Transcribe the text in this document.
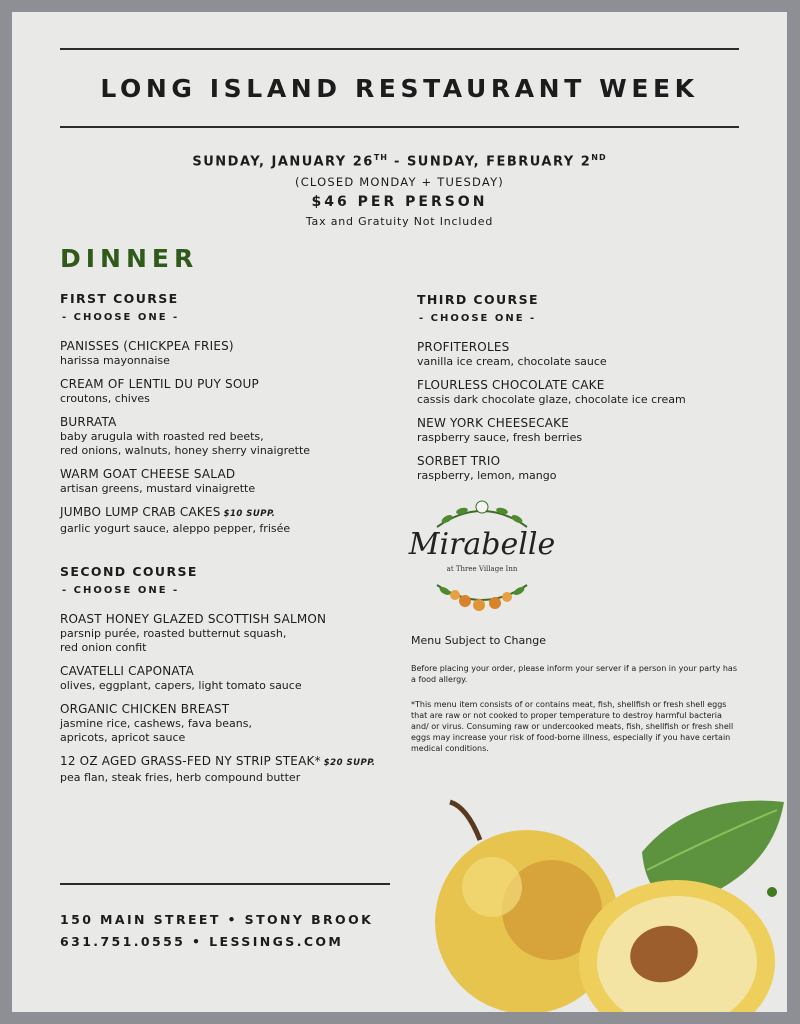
LONG ISLAND RESTAURANT WEEK
SUNDAY, JANUARY 26TH - SUNDAY, FEBRUARY 2ND
(CLOSED MONDAY + TUESDAY)
$46 PER PERSON
Tax and Gratuity Not Included
DINNER
FIRST COURSE
- CHOOSE ONE -
PANISSES (CHICKPEA FRIES)
harissa mayonnaise
CREAM OF LENTIL DU PUY SOUP
croutons, chives
BURRATA
baby arugula with roasted red beets,
red onions, walnuts, honey sherry vinaigrette
WARM GOAT CHEESE SALAD
artisan greens, mustard vinaigrette
JUMBO LUMP CRAB CAKES $10 SUPP.
garlic yogurt sauce, aleppo pepper, frisée
SECOND COURSE
- CHOOSE ONE -
ROAST HONEY GLAZED SCOTTISH SALMON
parsnip purée, roasted butternut squash,
red onion confit
CAVATELLI CAPONATA
olives, eggplant, capers, light tomato sauce
ORGANIC CHICKEN BREAST
jasmine rice, cashews, fava beans,
apricots, apricot sauce
12 OZ AGED GRASS-FED NY STRIP STEAK* $20 SUPP.
pea flan, steak fries, herb compound butter
THIRD COURSE
- CHOOSE ONE -
PROFITEROLES
vanilla ice cream, chocolate sauce
FLOURLESS CHOCOLATE CAKE
cassis dark chocolate glaze, chocolate ice cream
NEW YORK CHEESECAKE
raspberry sauce, fresh berries
SORBET TRIO
raspberry, lemon, mango
Mirabelle
at Three Village Inn
Menu Subject to Change
Before placing your order, please inform your server if a person in your party has a food allergy.
*This menu item consists of or contains meat, fish, shellfish or fresh shell eggs that are raw or not cooked to proper temperature to destroy harmful bacteria and/ or virus. Consuming raw or undercooked meats, fish, shellfish or fresh shell eggs may increase your risk of food-borne illness, especially if you have certain medical conditions.
150 MAIN STREET • STONY BROOK
631.751.0555 • LESSINGS.COM
